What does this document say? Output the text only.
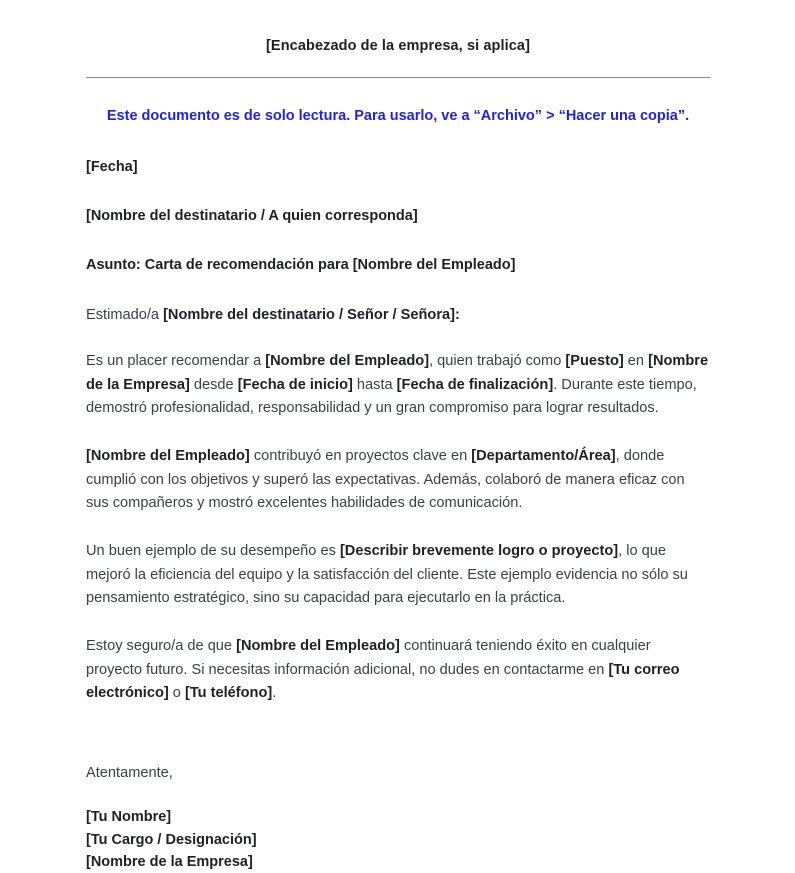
[Encabezado de la empresa, si aplica]
Este documento es de solo lectura. Para usarlo, ve a “Archivo” > “Hacer una copia”.
[Fecha]
[Nombre del destinatario / A quien corresponda]
Asunto: Carta de recomendación para [Nombre del Empleado]
Estimado/a [Nombre del destinatario / Señor / Señora]:
Es un placer recomendar a [Nombre del Empleado], quien trabajó como [Puesto] en [Nombre de la Empresa] desde [Fecha de inicio] hasta [Fecha de finalización]. Durante este tiempo, demostró profesionalidad, responsabilidad y un gran compromiso para lograr resultados.
[Nombre del Empleado] contribuyó en proyectos clave en [Departamento/Área], donde cumplió con los objetivos y superó las expectativas. Además, colaboró de manera eficaz con sus compañeros y mostró excelentes habilidades de comunicación.
Un buen ejemplo de su desempeño es [Describir brevemente logro o proyecto], lo que mejoró la eficiencia del equipo y la satisfacción del cliente. Este ejemplo evidencia no sólo su pensamiento estratégico, sino su capacidad para ejecutarlo en la práctica.
Estoy seguro/a de que [Nombre del Empleado] continuará teniendo éxito en cualquier proyecto futuro. Si necesitas información adicional, no dudes en contactarme en [Tu correo electrónico] o [Tu teléfono].
Atentamente,
[Tu Nombre]
[Tu Cargo / Designación]
[Nombre de la Empresa]
